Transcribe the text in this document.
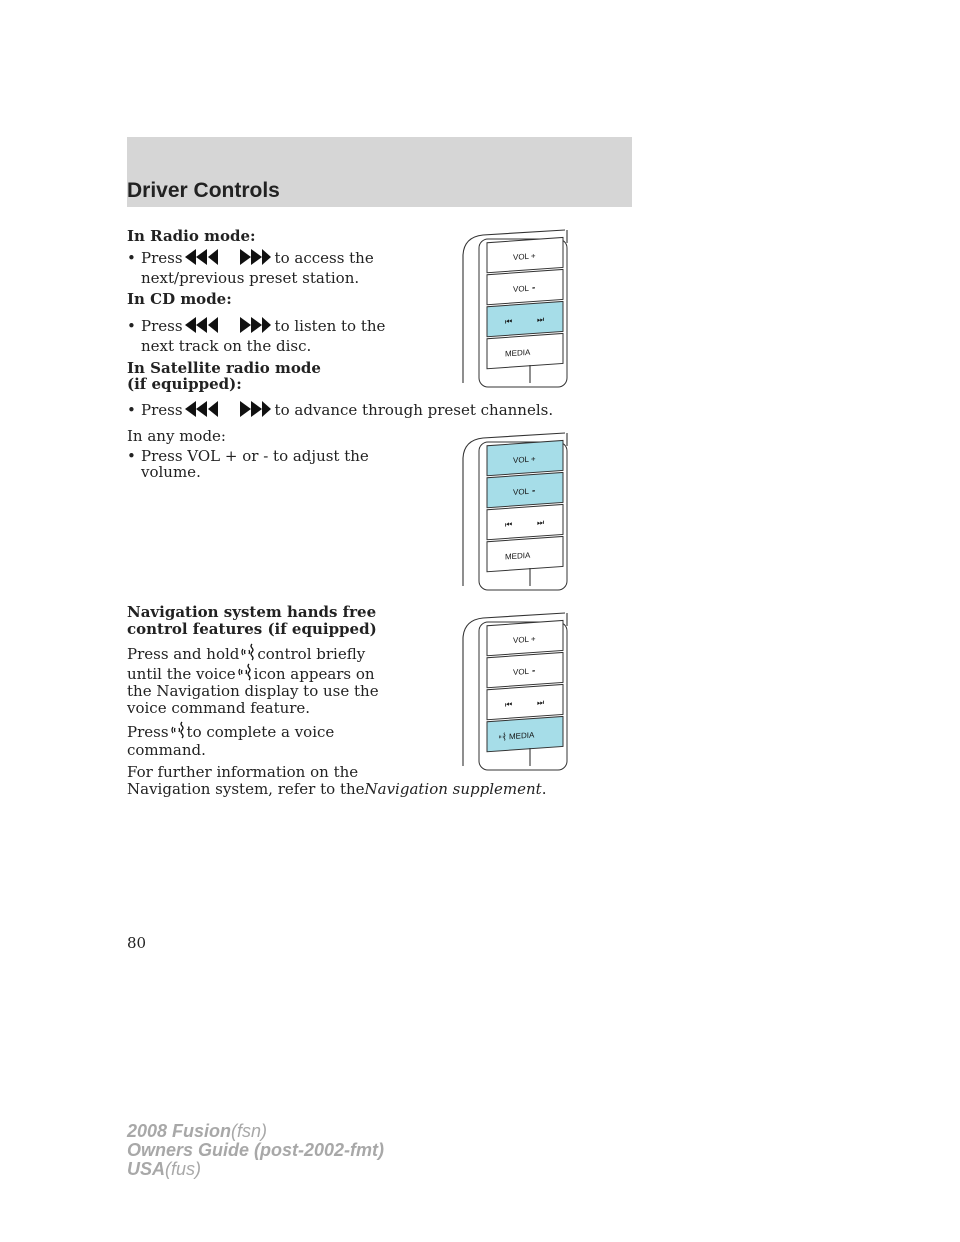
Driver Controls
In Radio mode:
• Press	to access the
next/previous preset station.
In CD mode:
• Press	to listen to the
next track on the disc.
In Satellite radio mode
(if equipped):
• Press	to advance through preset channels.
In any mode:
• Press VOL + or - to adjust the
volume.
Navigation system hands free
control features (if equipped)
Press and hold control briefly
until the voice icon appears on
the Navigation display to use the
voice command feature.
Press to complete a voice
command.
For further information on the
Navigation system, refer to theNavigation supplement.
VOL +
VOL -
⏮	⏭
MEDIA
VOL +
VOL -
⏮	⏭
MEDIA
VOL +
VOL -
⏮	⏭
MEDIA
80
2008 Fusion(fsn)
Owners Guide (post-2002-fmt)
USA(fus)
